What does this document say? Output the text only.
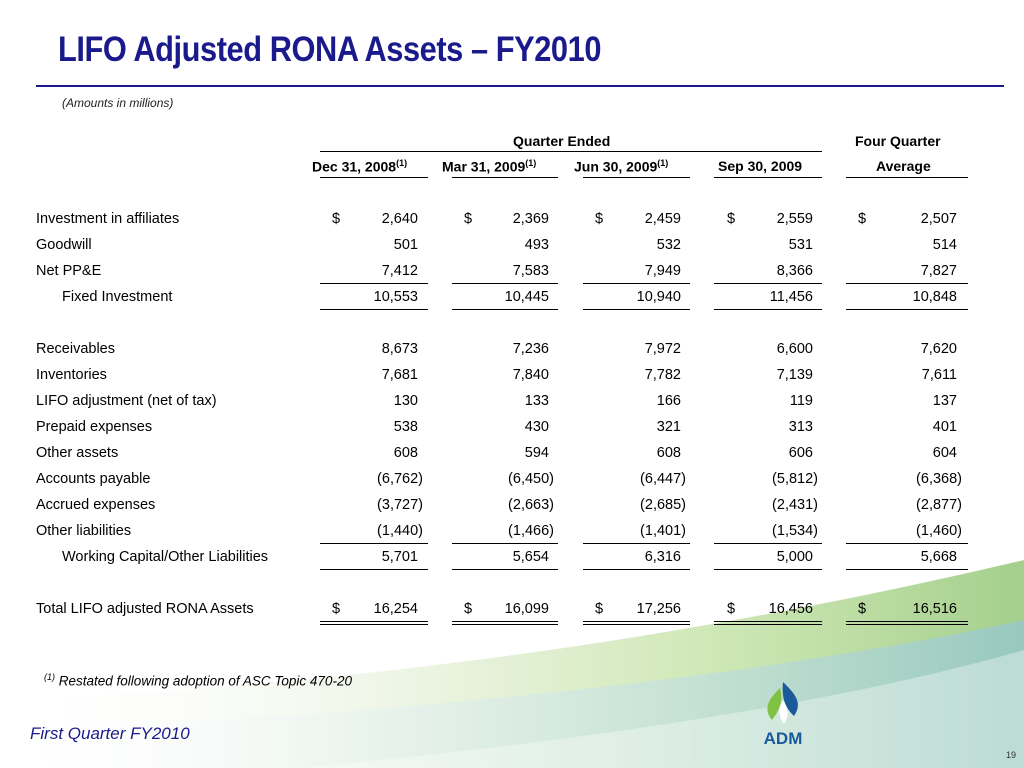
LIFO Adjusted RONA Assets – FY2010
(Amounts in millions)
Quarter Ended	Four Quarter
Dec 31, 2008$^{(1)}$ Mar 31, 2009$^{(1)}$	Jun 30, 2009$^{(1)}$	Sep 30, 2009	Average
Investment in affiliates	$	2,640	$	2,369	$	2,459	$	2,559	$	2,507
Goodwill	501	493	532	531	514
Net PP&E	7,412	7,583	7,949	8,366	7,827
Fixed Investment	10,553	10,445	10,940	11,456	10,848
Receivables	8,673	7,236	7,972	6,600	7,620
Inventories	7,681	7,840	7,782	7,139	7,611
LIFO adjustment (net of tax)	130	133	166	119	137
Prepaid expenses	538	430	321	313	401
Other assets	608	594	608	606	604
Accounts payable	(6,762)	(6,450)	(6,447)	(5,812)	(6,368)
Accrued expenses	(3,727)	(2,663)	(2,685)	(2,431)	(2,877)
Other liabilities	(1,440)	(1,466)	(1,401)	(1,534)	(1,460)
Working Capital/Other Liabilities	5,701	5,654	6,316	5,000	5,668
Total LIFO adjusted RONA Assets	$ 16,254	$ 16,099	$ 17,256	$ 16,456	$	16,516
$^{(1)}$ Restated following adoption of ASC Topic 470-20
First Quarter FY2010	ADM
19
